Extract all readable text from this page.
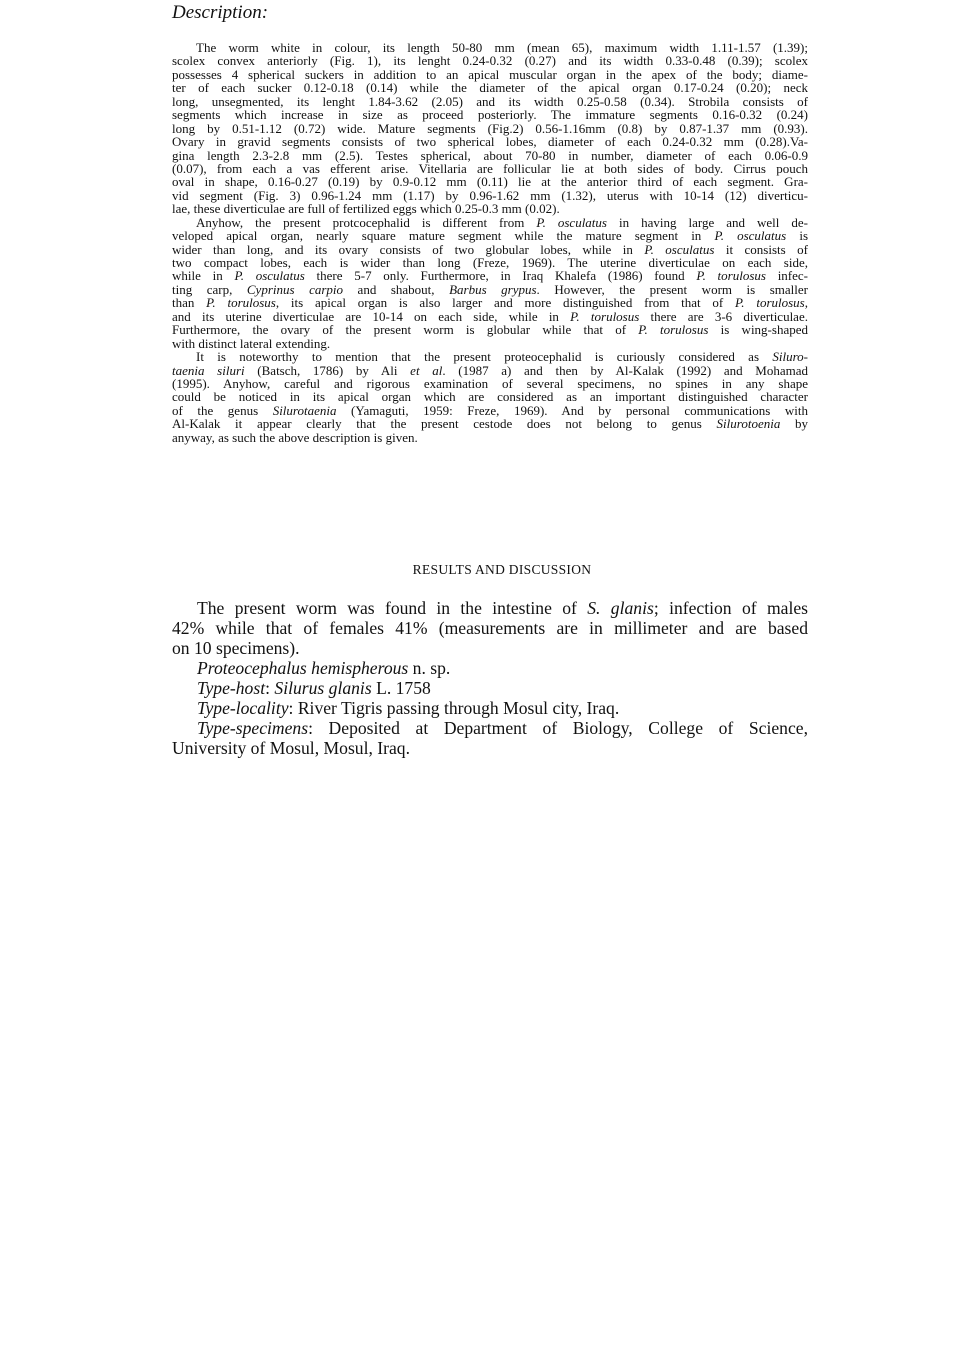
Description:
The worm white in colour, its length 50-80 mm (mean 65), maximum width 1.11-1.57 (1.39);
scolex convex anteriorly (Fig. 1), its lenght 0.24-0.32 (0.27) and its width 0.33-0.48 (0.39); scolex
possesses 4 spherical suckers in addition to an apical muscular organ in the apex of the body; diame-
ter of each sucker 0.12-0.18 (0.14) while the diameter of the apical organ 0.17-0.24 (0.20); neck
long, unsegmented, its lenght 1.84-3.62 (2.05) and its width 0.25-0.58 (0.34). Strobila consists of
segments which increase in size as proceed posteriorly. The immature segments 0.16-0.32 (0.24)
long by 0.51-1.12 (0.72) wide. Mature segments (Fig.2) 0.56-1.16mm (0.8) by 0.87-1.37 mm (0.93).
Ovary in gravid segments consists of two spherical lobes, diameter of each 0.24-0.32 mm (0.28).Va-
gina length 2.3-2.8 mm (2.5). Testes spherical, about 70-80 in number, diameter of each 0.06-0.9
(0.07), from each a vas efferent arise. Vitellaria are follicular lie at both sides of body. Cirrus pouch
oval in shape, 0.16-0.27 (0.19) by 0.9-0.12 mm (0.11) lie at the anterior third of each segment. Gra-
vid segment (Fig. 3) 0.96-1.24 mm (1.17) by 0.96-1.62 mm (1.32), uterus with 10-14 (12) diverticu-
lae, these diverticulae are full of fertilized eggs which 0.25-0.3 mm (0.02).
Anyhow, the present protcocephalid is different from P. osculatus in having large and well de-
veloped apical organ, nearly square mature segment while the mature segment in P. osculatus is
wider than long, and its ovary consists of two globular lobes, while in P. osculatus it consists of
two compact lobes, each is wider than long (Freze, 1969). The uterine diverticulae on each side,
while in P. osculatus there 5-7 only. Furthermore, in Iraq Khalefa (1986) found P. torulosus infec-
ting carp, Cyprinus carpio and shabout, Barbus grypus. However, the present worm is smaller
than P. torulosus, its apical organ is also larger and more distinguished from that of P. torulosus,
and its uterine diverticulae are 10-14 on each side, while in P. torulosus there are 3-6 diverticulae.
Furthermore, the ovary of the present worm is globular while that of P. torulosus is wing-shaped
with distinct lateral extending.
It is noteworthy to mention that the present proteocephalid is curiously considered as Siluro-
taenia siluri (Batsch, 1786) by Ali et al. (1987 a) and then by Al-Kalak (1992) and Mohamad
(1995). Anyhow, careful and rigorous examination of several specimens, no spines in any shape
could be noticed in its apical organ which are considered as an important distinguished character
of the genus Silurotaenia (Yamaguti, 1959: Freze, 1969). And by personal communications with
Al-Kalak it appear clearly that the present cestode does not belong to genus Silurotoenia by
anyway, as such the above description is given.
RESULTS AND DISCUSSION
The present worm was found in the intestine of S. glanis; infection of males
42% while that of females 41% (measurements are in millimeter and are based
on 10 specimens).
Proteocephalus hemispherous n. sp.
Type-host: Silurus glanis L. 1758
Type-locality: River Tigris passing through Mosul city, Iraq.
Type-specimens: Deposited at Department of Biology, College of Science,
University of Mosul, Mosul, Iraq.
